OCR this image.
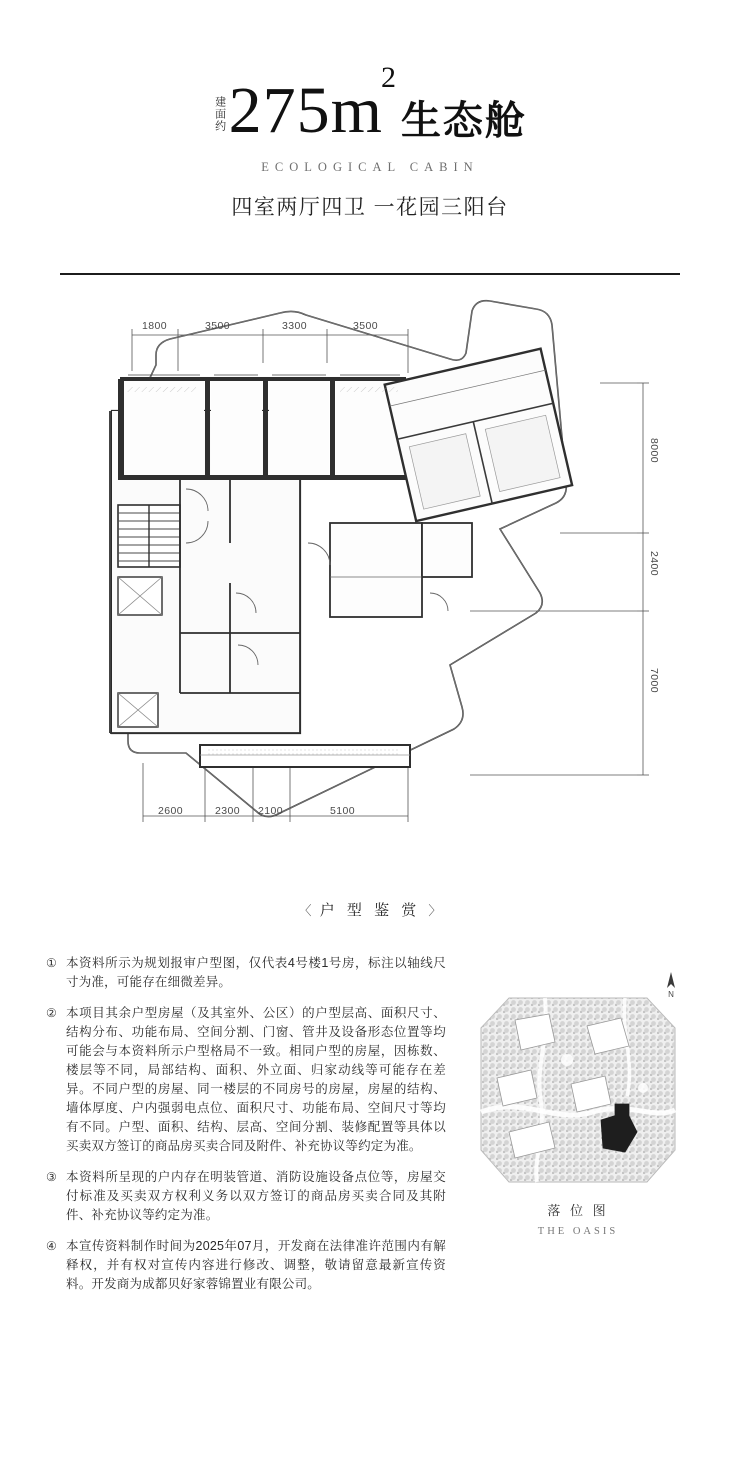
建面约 $275m^2$
生态舱
ECOLOGICAL CABIN
四室两厅四卫 一花园三阳台
1800	3500	3300	3500
2600	2300 2100	5100
8000
2400
7000
〈 户 型 鉴 赏 〉
① 本资料所示为规划报审户型图，仅代表4号楼1号房，标注以轴线尺寸为准，可能存在细微差异。
② 本项目其余户型房屋（及其室外、公区）的户型层高、面积尺寸、结构分布、功能布局、空间分割、门窗、管井及设备形态位置等均可能会与本资料所示户型格局不一致。相同户型的房屋，因栋数、楼层等不同，局部结构、面积、外立面、归家动线等可能存在差异。不同户型的房屋、同一楼层的不同房号的房屋，房屋的结构、墙体厚度、户内强弱电点位、面积尺寸、功能布局、空间尺寸等均有不同。户型、面积、结构、层高、空间分割、装修配置等具体以买卖双方签订的商品房买卖合同及附件、补充协议等约定为准。
③ 本资料所呈现的户内存在明装管道、消防设施设备点位等，房屋交付标准及买卖双方权利义务以双方签订的商品房买卖合同及其附件、补充协议等约定为准。
④ 本宣传资料制作时间为2025年07月，开发商在法律准许范围内有解释权，并有权对宣传内容进行修改、调整，敬请留意最新宣传资料。开发商为成都贝好家蓉锦置业有限公司。
N
落 位 图
THE OASIS
